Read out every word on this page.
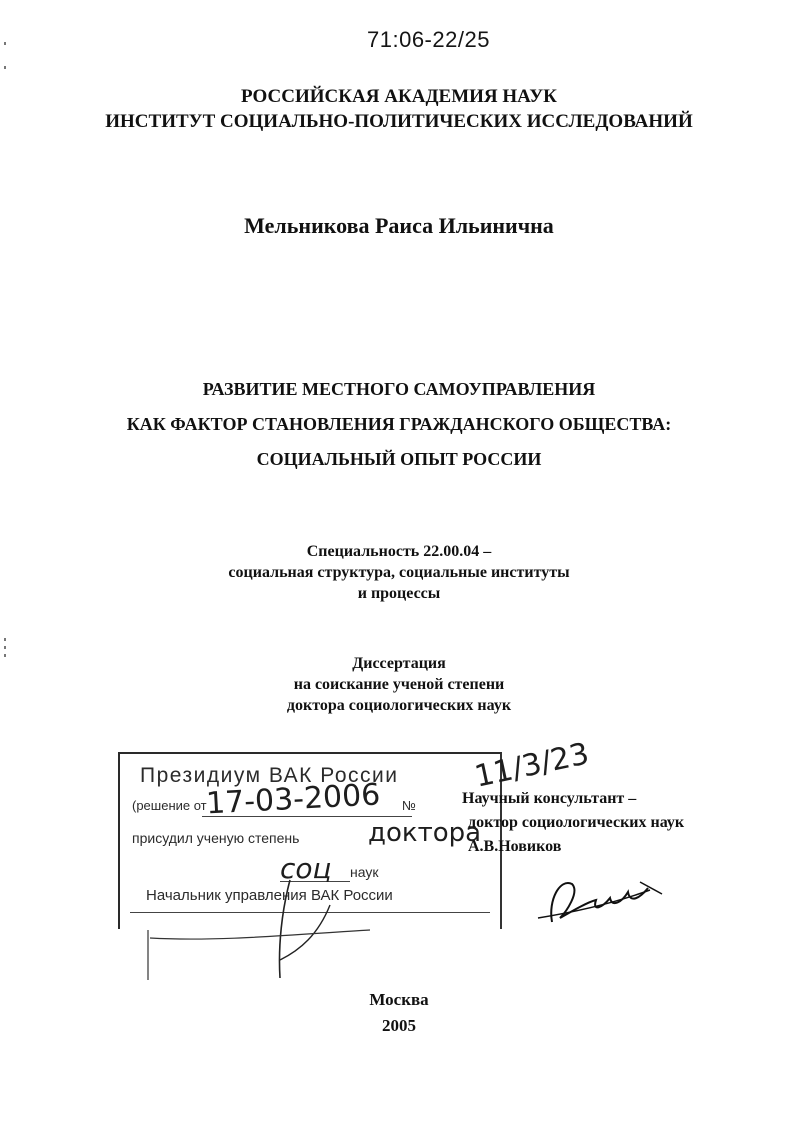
71:06-22/25
РОССИЙСКАЯ АКАДЕМИЯ НАУК
ИНСТИТУТ СОЦИАЛЬНО-ПОЛИТИЧЕСКИХ ИССЛЕДОВАНИЙ
Мельникова Раиса Ильинична
РАЗВИТИЕ МЕСТНОГО САМОУПРАВЛЕНИЯ
КАК ФАКТОР СТАНОВЛЕНИЯ ГРАЖДАНСКОГО ОБЩЕСТВА:
СОЦИАЛЬНЫЙ ОПЫТ РОССИИ
Специальность 22.00.04 –
социальная структура, социальные институты
и процессы
Диссертация
на соискание ученой степени
доктора социологических наук
Президиум ВАК России
(решение от	№
присудил ученую степень
наук
Начальник управления ВАК России
Научный консультант –
доктор социологических наук
А.В.Новиков
17-03-2006
11/3/23
доктора
соц
Москва
2005
